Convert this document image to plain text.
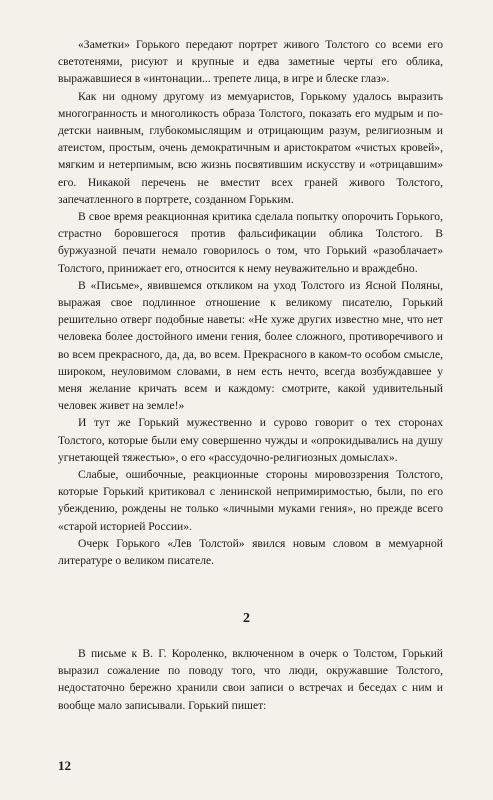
«Заметки» Горького передают портрет живого Толстого со всеми его светотенями, рисуют и крупные и едва заметные черты его облика, выражавшиеся в «интонации... трепете лица, в игре и блеске глаз».

Как ни одному другому из мемуаристов, Горькому удалось выразить многогранность и многоликость образа Толстого, показать его мудрым и по-детски наивным, глубокомыслящим и отрицающим разум, религиозным и атеистом, простым, очень демократичным и аристократом «чистых кровей», мягким и нетерпимым, всю жизнь посвятившим искусству и «отрицавшим» его. Никакой перечень не вместит всех граней живого Толстого, запечатленного в портрете, созданном Горьким.

В свое время реакционная критика сделала попытку опорочить Горького, страстно боровшегося против фальсификации облика Толстого. В буржуазной печати немало говорилось о том, что Горький «разоблачает» Толстого, принижает его, относится к нему неуважительно и враждебно.

В «Письме», явившемся откликом на уход Толстого из Ясной Поляны, выражая свое подлинное отношение к великому писателю, Горький решительно отверг подобные наветы: «Не хуже других известно мне, что нет человека более достойного имени гения, более сложного, противоречивого и во всем прекрасного, да, да, во всем. Прекрасного в каком-то особом смысле, широком, неуловимом словами, в нем есть нечто, всегда возбуждавшее у меня желание кричать всем и каждому: смотрите, какой удивительный человек живет на земле!»

И тут же Горький мужественно и сурово говорит о тех сторонах Толстого, которые были ему совершенно чужды и «опрокидывались на душу угнетающей тяжестью», о его «рассудочно-религиозных домыслах».

Слабые, ошибочные, реакционные стороны мировоззрения Толстого, которые Горький критиковал с ленинской непримиримостью, были, по его убеждению, рождены не только «личными муками гения», но прежде всего «старой историей России».

Очерк Горького «Лев Толстой» явился новым словом в мемуарной литературе о великом писателе.

2

В письме к В. Г. Короленко, включенном в очерк о Толстом, Горький выразил сожаление по поводу того, что люди, окружавшие Толстого, недостаточно бережно хранили свои записи о встречах и беседах с ним и вообще мало записывали. Горький пишет:

12
